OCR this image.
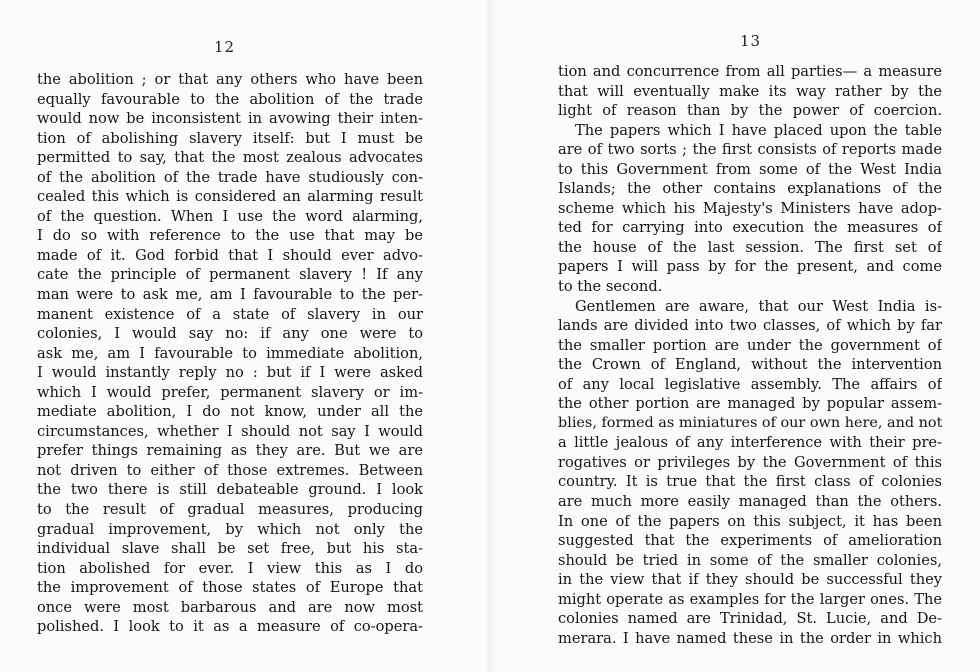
12
the abolition ; or that any others who have been
equally favourable to the abolition of the trade
would now be inconsistent in avowing their inten-
tion of abolishing slavery itself: but I must be
permitted to say, that the most zealous advocates
of the abolition of the trade have studiously con-
cealed this which is considered an alarming result
of the question. When I use the word alarming,
I do so with reference to the use that may be
made of it. God forbid that I should ever advo-
cate the principle of permanent slavery ! If any
man were to ask me, am I favourable to the per-
manent existence of a state of slavery in our
colonies, I would say no: if any one were to
ask me, am I favourable to immediate abolition,
I would instantly reply no : but if I were asked
which I would prefer, permanent slavery or im-
mediate abolition, I do not know, under all the
circumstances, whether I should not say I would
prefer things remaining as they are. But we are
not driven to either of those extremes. Between
the two there is still debateable ground. I look
to the result of gradual measures, producing
gradual improvement, by which not only the
individual slave shall be set free, but his sta-
tion abolished for ever. I view this as I do
the improvement of those states of Europe that
once were most barbarous and are now most
polished. I look to it as a measure of co-opera-
13
tion and concurrence from all parties— a measure
that will eventually make its way rather by the
light of reason than by the power of coercion.
The papers which I have placed upon the table
are of two sorts ; the first consists of reports made
to this Government from some of the West India
Islands; the other contains explanations of the
scheme which his Majesty's Ministers have adop-
ted for carrying into execution the measures of
the house of the last session. The first set of
papers I will pass by for the present, and come
to the second.
Gentlemen are aware, that our West India is-
lands are divided into two classes, of which by far
the smaller portion are under the government of
the Crown of England, without the intervention
of any local legislative assembly. The affairs of
the other portion are managed by popular assem-
blies, formed as miniatures of our own here, and not
a little jealous of any interference with their pre-
rogatives or privileges by the Government of this
country. It is true that the first class of colonies
are much more easily managed than the others.
In one of the papers on this subject, it has been
suggested that the experiments of amelioration
should be tried in some of the smaller colonies,
in the view that if they should be successful they
might operate as examples for the larger ones. The
colonies named are Trinidad, St. Lucie, and De-
merara. I have named these in the order in which
